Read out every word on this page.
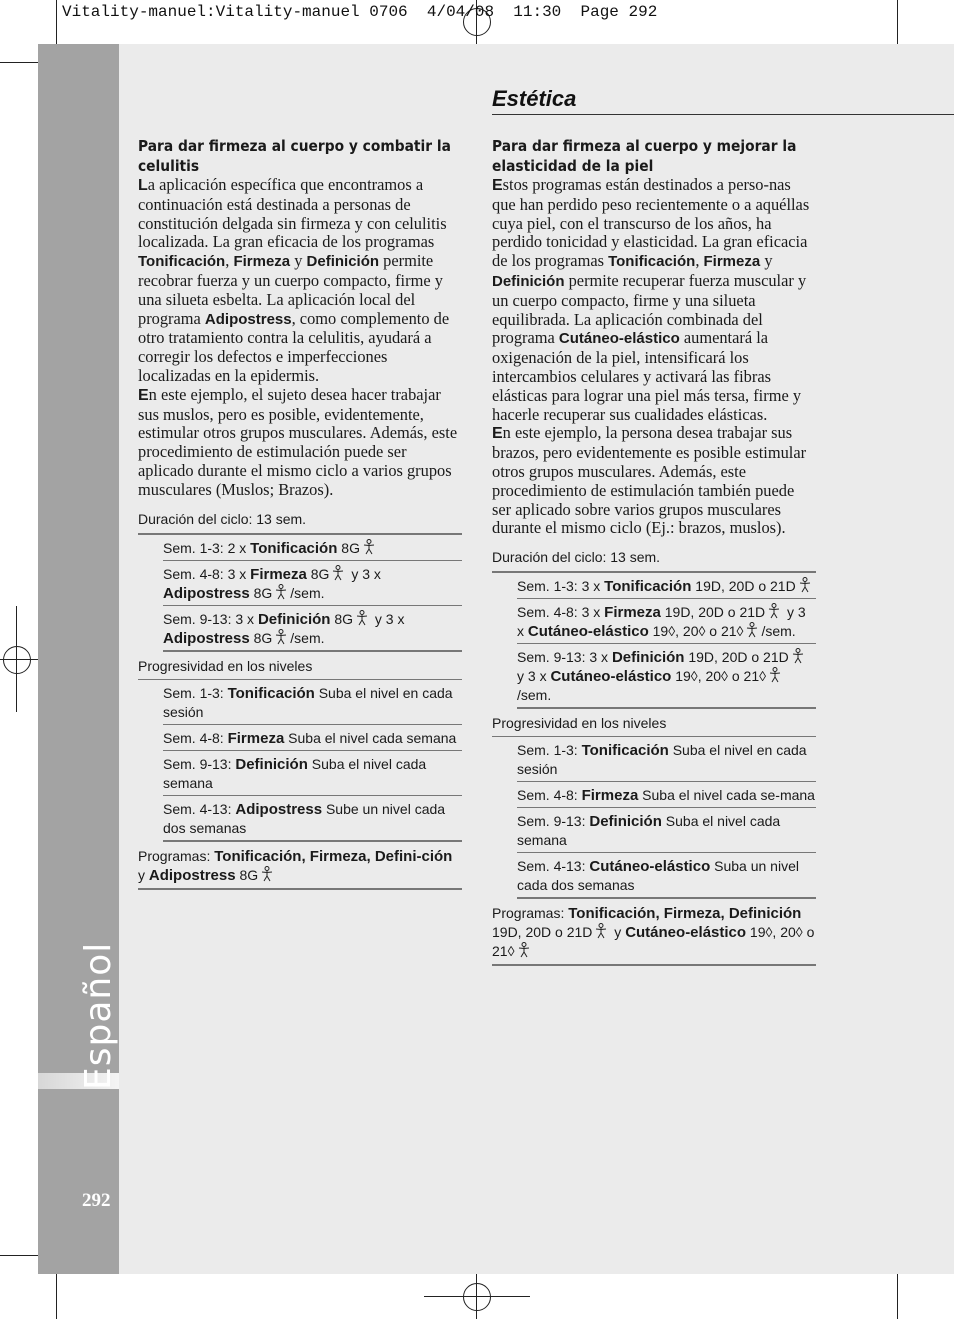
Vitality-manuel:Vitality-manuel 0706  4/04/08  11:30  Page 292
Español
292
Estética
Para dar firmeza al cuerpo y combatir la celulitis

La aplicación específica que encontramos a continuación está destinada a personas de constitución delgada sin firmeza y con celulitis localizada. La gran eficacia de los programas Tonificación, Firmeza y Definición permite recobrar fuerza y un cuerpo compacto, firme y una silueta esbelta. La aplicación local del programa Adipostress, como complemento de otro tratamiento contra la celulitis, ayudará a corregir los defectos e imperfecciones localizadas en la epidermis.

En este ejemplo, el sujeto desea hacer trabajar sus muslos, pero es posible, evidentemente, estimular otros grupos musculares. Además, este procedimiento de estimulación puede ser aplicado durante el mismo ciclo a varios grupos musculares (Muslos; Brazos).

Duración del ciclo: 13 sem.
Sem. 1-3: 2 x Tonificación 8G
Sem. 4-8: 3 x Firmeza 8G y 3 x
Adipostress 8G /sem.
Sem. 9-13: 3 x Definición 8G y 3 x
Adipostress 8G /sem.
Progresividad en los niveles
Sem. 1-3: Tonificación Suba el nivel en cada sesión
Sem. 4-8: Firmeza Suba el nivel cada semana
Sem. 9-13: Definición Suba el nivel cada semana
Sem. 4-13: Adipostress Sube un nivel cada dos semanas
Programas: Tonificación, Firmeza, Defini-ción y Adipostress 8G
Para dar firmeza al cuerpo y mejorar la elasticidad de la piel

Estos programas están destinados a perso-nas que han perdido peso recientemente o a aquéllas cuya piel, con el transcurso de los años, ha perdido tonicidad y elasticidad. La gran eficacia de los programas Tonificación, Firmeza y Definición permite recuperar fuerza muscular y un cuerpo compacto, firme y una silueta equilibrada. La aplicación combinada del programa Cutáneo-elástico aumentará la oxigenación de la piel, intensificará los intercambios celulares y activará las fibras elásticas para lograr una piel más tersa, firme y hacerle recuperar sus cualidades elásticas.

En este ejemplo, la persona desea trabajar sus brazos, pero evidentemente es posible estimular otros grupos musculares. Además, este procedimiento de estimulación también puede ser aplicado sobre varios grupos musculares durante el mismo ciclo (Ej.: brazos, muslos).

Duración del ciclo: 13 sem.
Sem. 1-3: 3 x Tonificación 19D, 20D o 21D
Sem. 4-8: 3 x Firmeza 19D, 20D o 21D y 3 x Cutáneo-elástico 19◊, 20◊ o 21◊ /sem.
Sem. 9-13: 3 x Definición 19D, 20D o 21D y 3 x Cutáneo-elástico 19◊, 20◊ o 21◊/sem.
Progresividad en los niveles
Sem. 1-3: Tonificación Suba el nivel en cada sesión
Sem. 4-8: Firmeza Suba el nivel cada se-mana
Sem. 9-13: Definición Suba el nivel cada semana
Sem. 4-13: Cutáneo-elástico Suba un nivel cada dos semanas
Programas: Tonificación, Firmeza, Definición 19D, 20D o 21D y Cutáneo-elástico 19◊, 20◊ o 21◊
